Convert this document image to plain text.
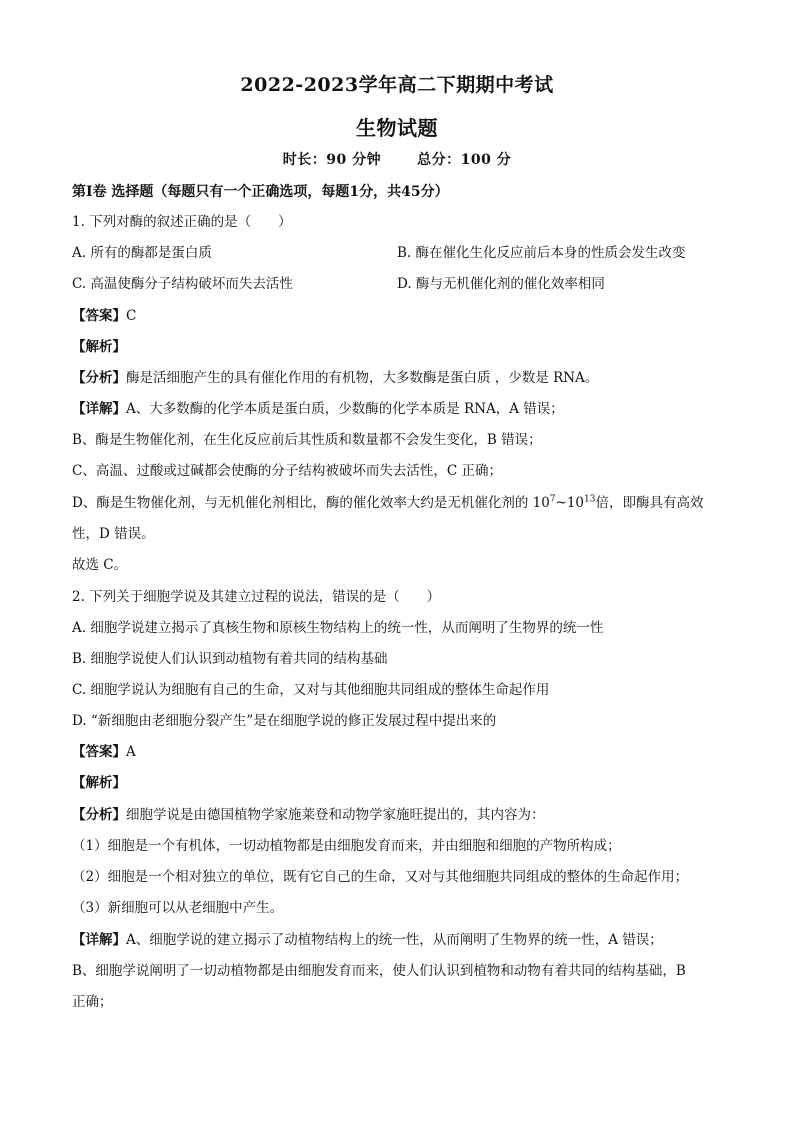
2022-2023学年高二下期期中考试
生物试题
时长：90 分钟	总分：100 分
第Ⅰ卷 选择题（每题只有一个正确选项，每题1分，共45分）
1. 下列对酶的叙述正确的是（　　）
A. 所有的酶都是蛋白质	B. 酶在催化生化反应前后本身的性质会发生改变
C. 高温使酶分子结构破坏而失去活性	D. 酶与无机催化剂的催化效率相同
【答案】C
【解析】
【分析】酶是活细胞产生的具有催化作用的有机物，大多数酶是蛋白质 ，少数是 RNA。
【详解】A、大多数酶的化学本质是蛋白质，少数酶的化学本质是 RNA，A 错误；
B、酶是生物催化剂，在生化反应前后其性质和数量都不会发生变化，B 错误；
C、高温、过酸或过碱都会使酶的分子结构被破坏而失去活性，C 正确；
D、酶是生物催化剂，与无机催化剂相比，酶的催化效率大约是无机催化剂的 $10^7\sim 10^{13}$倍，即酶具有高效
性，D 错误。
故选 C。
2. 下列关于细胞学说及其建立过程的说法，错误的是（　　）
A. 细胞学说建立揭示了真核生物和原核生物结构上的统一性，从而阐明了生物界的统一性
B. 细胞学说使人们认识到动植物有着共同的结构基础
C. 细胞学说认为细胞有自己的生命，又对与其他细胞共同组成的整体生命起作用
D. “新细胞由老细胞分裂产生”是在细胞学说的修正发展过程中提出来的
【答案】A
【解析】
【分析】细胞学说是由德国植物学家施莱登和动物学家施旺提出的，其内容为：
（1）细胞是一个有机体，一切动植物都是由细胞发育而来，并由细胞和细胞的产物所构成；
（2）细胞是一个相对独立的单位，既有它自己的生命，又对与其他细胞共同组成的整体的生命起作用；
（3）新细胞可以从老细胞中产生。
【详解】A、细胞学说的建立揭示了动植物结构上的统一性，从而阐明了生物界的统一性，A 错误；
B、细胞学说阐明了一切动植物都是由细胞发育而来，使人们认识到植物和动物有着共同的结构基础，B
正确；
